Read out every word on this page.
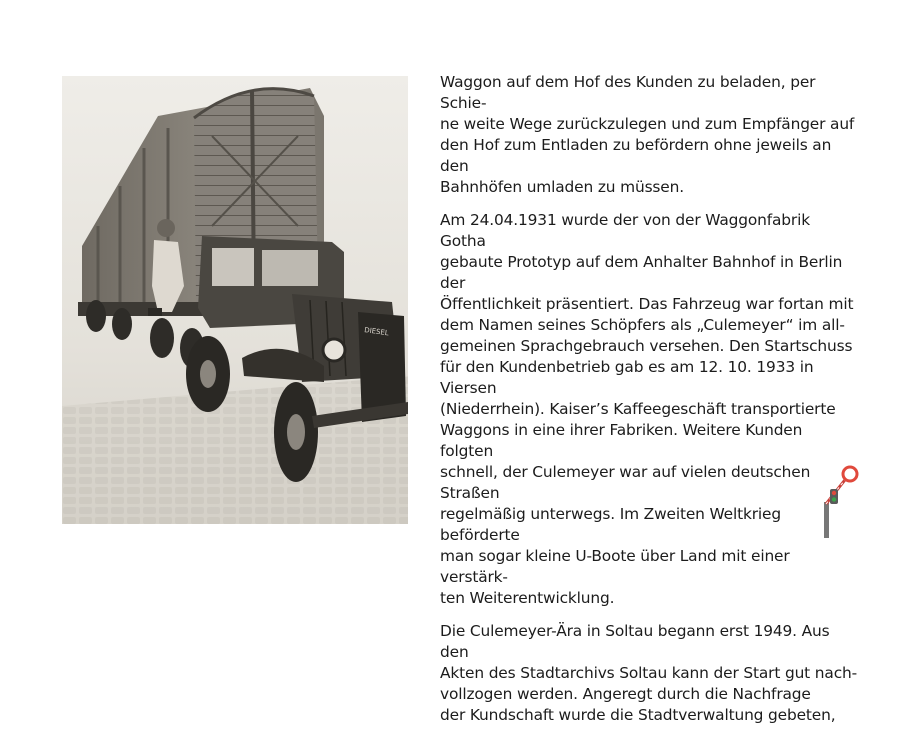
DIESEL

Waggon auf dem Hof des Kunden zu beladen, per Schie-
ne weite Wege zurückzulegen und zum Empfänger auf
den Hof zum Entladen zu befördern ohne jeweils an den
Bahnhöfen umladen zu müssen.

Am 24.04.1931 wurde der von der Waggonfabrik Gotha
gebaute Prototyp auf dem Anhalter Bahnhof in Berlin der
Öffentlichkeit präsentiert. Das Fahrzeug war fortan mit
dem Namen seines Schöpfers als „Culemeyer“ im all-
gemeinen Sprachgebrauch versehen. Den Startschuss
für den Kundenbetrieb gab es am 12. 10. 1933 in Viersen
(Niederrhein). Kaiser’s Kaffeegeschäft transportierte
Waggons in eine ihrer Fabriken. Weitere Kunden folgten
schnell, der Culemeyer war auf vielen deutschen Straßen
regelmäßig unterwegs. Im Zweiten Weltkrieg beförderte
man sogar kleine U-Boote über Land mit einer verstärk-
ten Weiterentwicklung.

Die Culemeyer-Ära in Soltau begann erst 1949. Aus den
Akten des Stadtarchivs Soltau kann der Start gut nach-
vollzogen werden. Angeregt durch die Nachfrage
der Kundschaft wurde die Stadtverwaltung gebeten,
